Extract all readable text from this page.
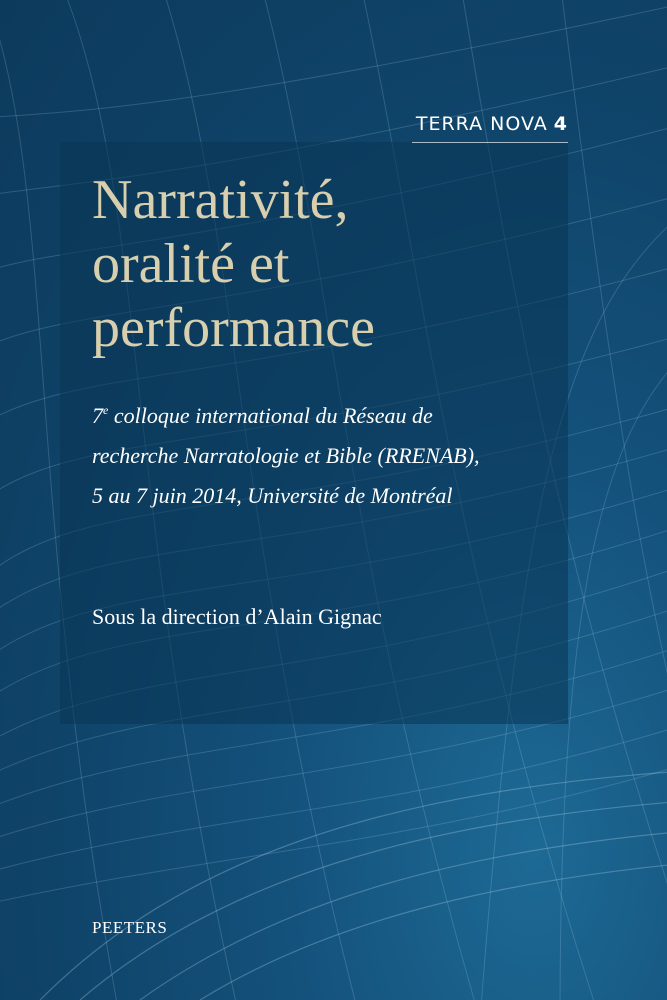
TERRA NOVA 4
Narrativité,
oralité et
performance
7e colloque international du Réseau de
recherche Narratologie et Bible (RRENAB),
5 au 7 juin 2014, Université de Montréal
Sous la direction d’Alain Gignac
PEETERS
